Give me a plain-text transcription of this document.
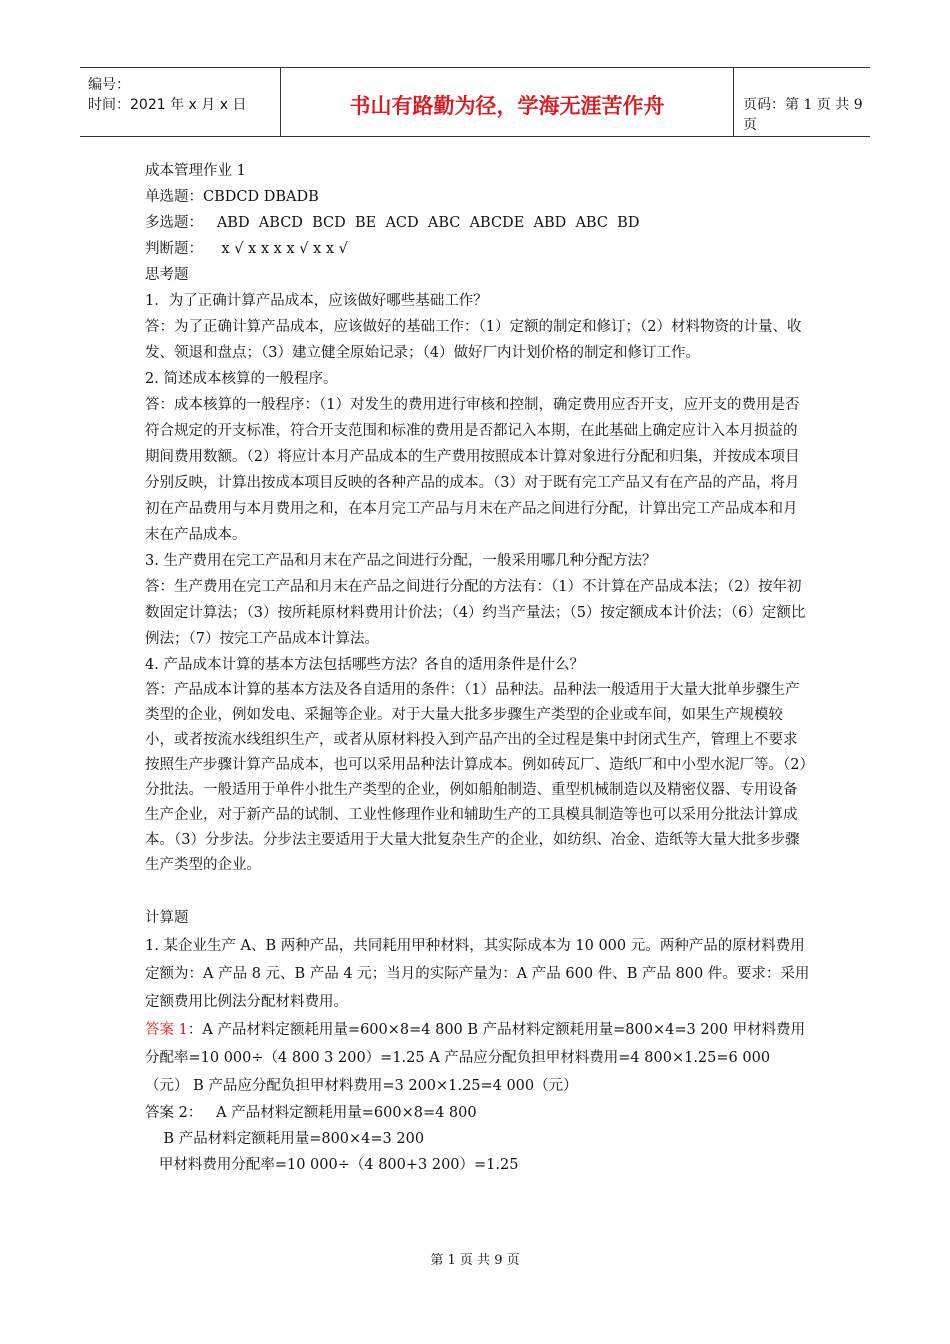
编号：
时间：2021 年 x 月 x 日	书山有路勤为径，学海无涯苦作舟	页码：第 1 页 共 9 页

成本管理作业 1

单选题：CBDCD DBADB

多选题：   ABD  ABCD  BCD  BE  ACD  ABC  ABCDE  ABD  ABC  BD

判断题：    x √ x x x x √ x x √

思考题

1．为了正确计算产品成本，应该做好哪些基础工作？

答：为了正确计算产品成本，应该做好的基础工作：（1）定额的制定和修订；（2）材料物资的计量、收发、领退和盘点；（3）建立健全原始记录；（4）做好厂内计划价格的制定和修订工作。

2. 简述成本核算的一般程序。

答：成本核算的一般程序：（1）对发生的费用进行审核和控制，确定费用应否开支，应开支的费用是否符合规定的开支标准，符合开支范围和标准的费用是否都记入本期，在此基础上确定应计入本月损益的期间费用数额。（2）将应计本月产品成本的生产费用按照成本计算对象进行分配和归集，并按成本项目分别反映，计算出按成本项目反映的各种产品的成本。（3）对于既有完工产品又有在产品的产品，将月初在产品费用与本月费用之和，在本月完工产品与月末在产品之间进行分配，计算出完工产品成本和月末在产品成本。

3. 生产费用在完工产品和月末在产品之间进行分配，一般采用哪几种分配方法？

答：生产费用在完工产品和月末在产品之间进行分配的方法有：（1）不计算在产品成本法；（2）按年初数固定计算法；（3）按所耗原材料费用计价法；（4）约当产量法；（5）按定额成本计价法；（6）定额比例法；（7）按完工产品成本计算法。

4. 产品成本计算的基本方法包括哪些方法？各自的适用条件是什么？

答：产品成本计算的基本方法及各自适用的条件：（1）品种法。品种法一般适用于大量大批单步骤生产类型的企业，例如发电、采掘等企业。对于大量大批多步骤生产类型的企业或车间，如果生产规模较小，或者按流水线组织生产，或者从原材料投入到产品产出的全过程是集中封闭式生产，管理上不要求按照生产步骤计算产品成本，也可以采用品种法计算成本。例如砖瓦厂、造纸厂和中小型水泥厂等。（2）分批法。一般适用于单件小批生产类型的企业，例如船舶制造、重型机械制造以及精密仪器、专用设备生产企业，对于新产品的试制、工业性修理作业和辅助生产的工具模具制造等也可以采用分批法计算成本。（3）分步法。分步法主要适用于大量大批复杂生产的企业，如纺织、冶金、造纸等大量大批多步骤生产类型的企业。

计算题

1. 某企业生产 A、B 两种产品，共同耗用甲种材料，其实际成本为 10 000 元。两种产品的原材料费用定额为：A 产品 8 元、B 产品 4 元；当月的实际产量为：A 产品 600 件、B 产品 800 件。要求：采用定额费用比例法分配材料费用。

答案 1：A 产品材料定额耗用量=600×8=4 800 B 产品材料定额耗用量=800×4=3 200 甲材料费用分配率=10 000÷（4 800 3 200）=1.25 A 产品应分配负担甲材料费用=4 800×1.25=6 000（元） B 产品应分配负担甲材料费用=3 200×1.25=4 000（元）

答案 2：   A 产品材料定额耗用量=600×8=4 800

B 产品材料定额耗用量=800×4=3 200

甲材料费用分配率=10 000÷（4 800+3 200）=1.25

第 1 页 共 9 页
